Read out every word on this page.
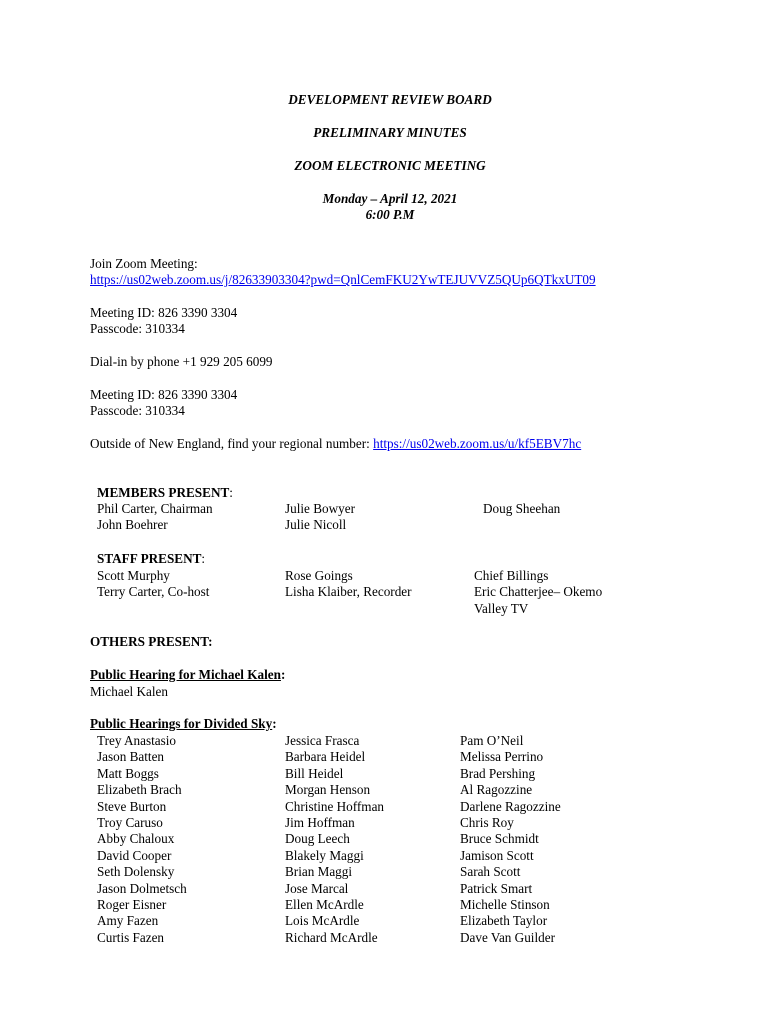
DEVELOPMENT REVIEW BOARD
PRELIMINARY MINUTES
ZOOM ELECTRONIC MEETING
Monday – April 12, 2021
6:00 P.M
Join Zoom Meeting:
https://us02web.zoom.us/j/82633903304?pwd=QnlCemFKU2YwTEJUVVZ5QUp6QTkxUT09
Meeting ID: 826 3390 3304
Passcode: 310334
Dial-in by phone +1 929 205 6099
Meeting ID: 826 3390 3304
Passcode: 310334
Outside of New England, find your regional number: https://us02web.zoom.us/u/kf5EBV7hc
MEMBERS PRESENT:
Phil Carter, Chairman
John Boehrer
Julie Bowyer
Julie Nicoll
Doug Sheehan
STAFF PRESENT:
Scott Murphy
Terry Carter, Co-host
Rose Goings
Lisha Klaiber, Recorder
Chief Billings
Eric Chatterjee– Okemo
Valley TV
OTHERS PRESENT:
Public Hearing for Michael Kalen:
Michael Kalen
Public Hearings for Divided Sky:
Trey Anastasio
Jason Batten
Matt Boggs
Elizabeth Brach
Steve Burton
Troy Caruso
Abby Chaloux
David Cooper
Seth Dolensky
Jason Dolmetsch
Roger Eisner
Amy Fazen
Curtis Fazen
Jessica Frasca
Barbara Heidel
Bill Heidel
Morgan Henson
Christine Hoffman
Jim Hoffman
Doug Leech
Blakely Maggi
Brian Maggi
Jose Marcal
Ellen McArdle
Lois McArdle
Richard McArdle
Pam O’Neil
Melissa Perrino
Brad Pershing
Al Ragozzine
Darlene Ragozzine
Chris Roy
Bruce Schmidt
Jamison Scott
Sarah Scott
Patrick Smart
Michelle Stinson
Elizabeth Taylor
Dave Van Guilder
